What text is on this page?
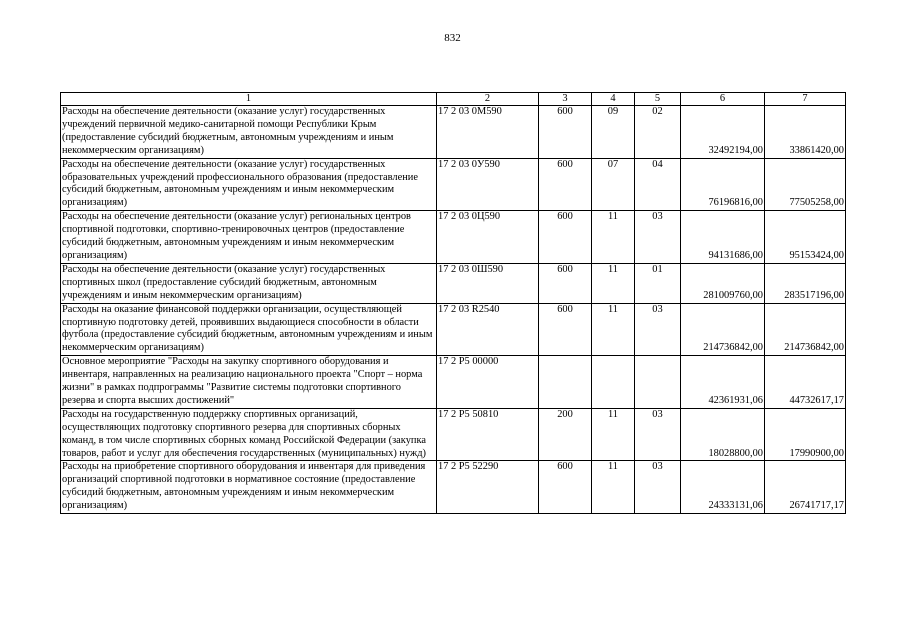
832
1	2	3	4	5	6	7
Расходы на обеспечение деятельности (оказание услуг) государственных учреждений первичной медико-санитарной помощи Республики Крым (предоставление субсидий бюджетным, автономным учреждениям и иным некоммерческим организациям)	17 2 03 0М590	600	09	02	32492194,00	33861420,00
Расходы на обеспечение деятельности (оказание услуг) государственных образовательных учреждений профессионального образования (предоставление субсидий бюджетным, автономным учреждениям и иным некоммерческим организациям)	17 2 03 0У590	600	07	04	76196816,00	77505258,00
Расходы на обеспечение деятельности (оказание услуг) региональных центров спортивной подготовки, спортивно-тренировочных центров (предоставление субсидий бюджетным, автономным учреждениям и иным некоммерческим организациям)	17 2 03 0Ц590	600	11	03	94131686,00	95153424,00
Расходы на обеспечение деятельности (оказание услуг) государственных спортивных школ (предоставление субсидий бюджетным, автономным учреждениям и иным некоммерческим организациям)	17 2 03 0Ш590	600	11	01	281009760,00	283517196,00
Расходы на оказание финансовой поддержки организации, осуществляющей спортивную подготовку детей, проявивших выдающиеся способности в области футбола (предоставление субсидий бюджетным, автономным учреждениям и иным некоммерческим организациям)	17 2 03 R2540	600	11	03	214736842,00	214736842,00
Основное мероприятие "Расходы на закупку спортивного оборудования и инвентаря, направленных на реализацию национального проекта "Спорт – норма жизни" в рамках подпрограммы "Развитие системы подготовки спортивного резерва и спорта высших достижений"	17 2 P5 00000				42361931,06	44732617,17
Расходы на государственную поддержку спортивных организаций, осуществляющих подготовку спортивного резерва для спортивных сборных команд, в том числе спортивных сборных команд Российской Федерации (закупка товаров, работ и услуг для обеспечения государственных (муниципальных) нужд)	17 2 P5 50810	200	11	03	18028800,00	17990900,00
Расходы на приобретение спортивного оборудования и инвентаря для приведения организаций спортивной подготовки в нормативное состояние (предоставление субсидий бюджетным, автономным учреждениям и иным некоммерческим организациям)	17 2 P5 52290	600	11	03	24333131,06	26741717,17
